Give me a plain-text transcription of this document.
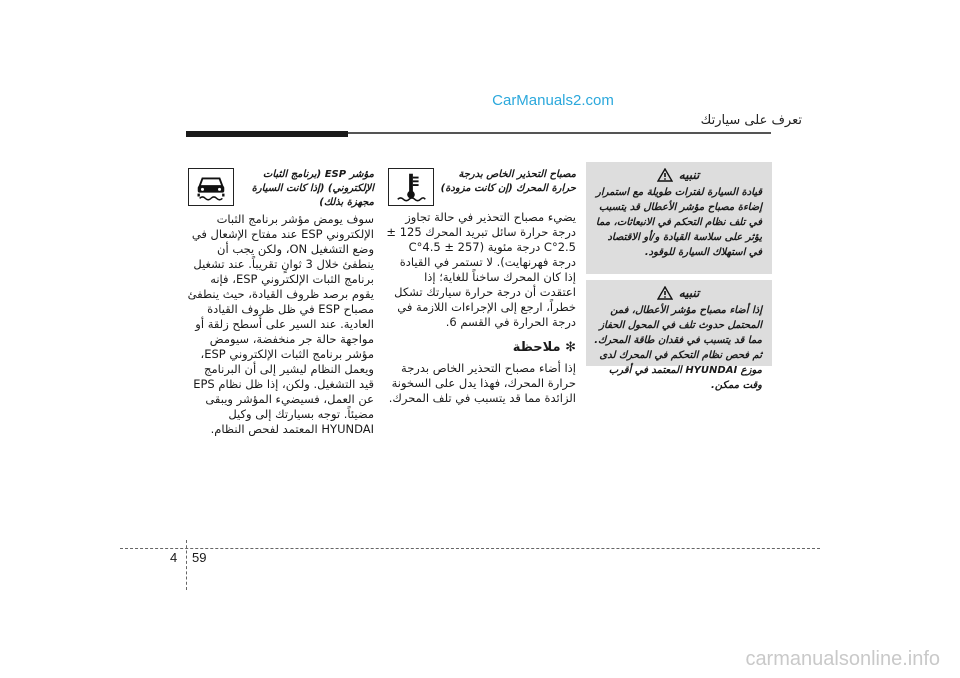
CarManuals2.com
تعرف على سيارتك
مؤشر ESP (برنامج الثبات الإلكتروني) (إذا كانت السيارة مجهزة بذلك)
سوف يومض مؤشر برنامج الثبات الإلكتروني ESP عند مفتاح الإشعال في وضع التشغيل ON، ولكن يجب أن ينطفئ خلال 3 ثوانٍ تقريباً. عند تشغيل برنامج الثبات الإلكتروني ESP، فإنه يقوم برصد ظروف القيادة، حيث ينطفئ مصباح ESP في ظل ظروف القيادة العادية. عند السير على أسطح زلقة أو مواجهة حالة جر منخفضة، سيومض مؤشر برنامج الثبات الإلكتروني ESP، ويعمل النظام ليشير إلى أن البرنامج قيد التشغيل. ولكن، إذا ظل نظام EPS عن العمل، فسيضيء المؤشر ويبقى مضيئاً. توجه بسيارتك إلى وكيل HYUNDAI المعتمد لفحص النظام.
مصباح التحذير الخاص بدرجة حرارة المحرك (إن كانت مزودة)

يضيء مصباح التحذير في حالة تجاوز درجة حرارة سائل تبريد المحرك 125 ± 2.5°C درجة مئوية (257 ± 4.5°C درجة فهرنهايت). لا تستمر في القيادة إذا كان المحرك ساخناً للغاية؛ إذا اعتقدت أن درجة حرارة سيارتك تشكل خطراً، ارجع إلى الإجراءات اللازمة في درجة الحرارة في القسم 6.

✻ ملاحظة

إذا أضاء مصباح التحذير الخاص بدرجة حرارة المحرك، فهذا يدل على السخونة الزائدة مما قد يتسبب في تلف المحرك.

تنبيه
قيادة السيارة لفترات طويلة مع استمرار إضاءة مصباح مؤشر الأعطال قد يتسبب في تلف نظام التحكم في الانبعاثات، مما يؤثر على سلاسة القيادة و/أو الاقتصاد في استهلاك السيارة للوقود.
تنبيه
إذا أضاء مصباح مؤشر الأعطال، فمن المحتمل حدوث تلف في المحول الحفاز مما قد يتسبب في فقدان طاقة المحرك. ثم فحص نظام التحكم في المحرك لدى موزع HYUNDAI المعتمد في أقرب وقت ممكن.
4 59
carmanualsonline.info
